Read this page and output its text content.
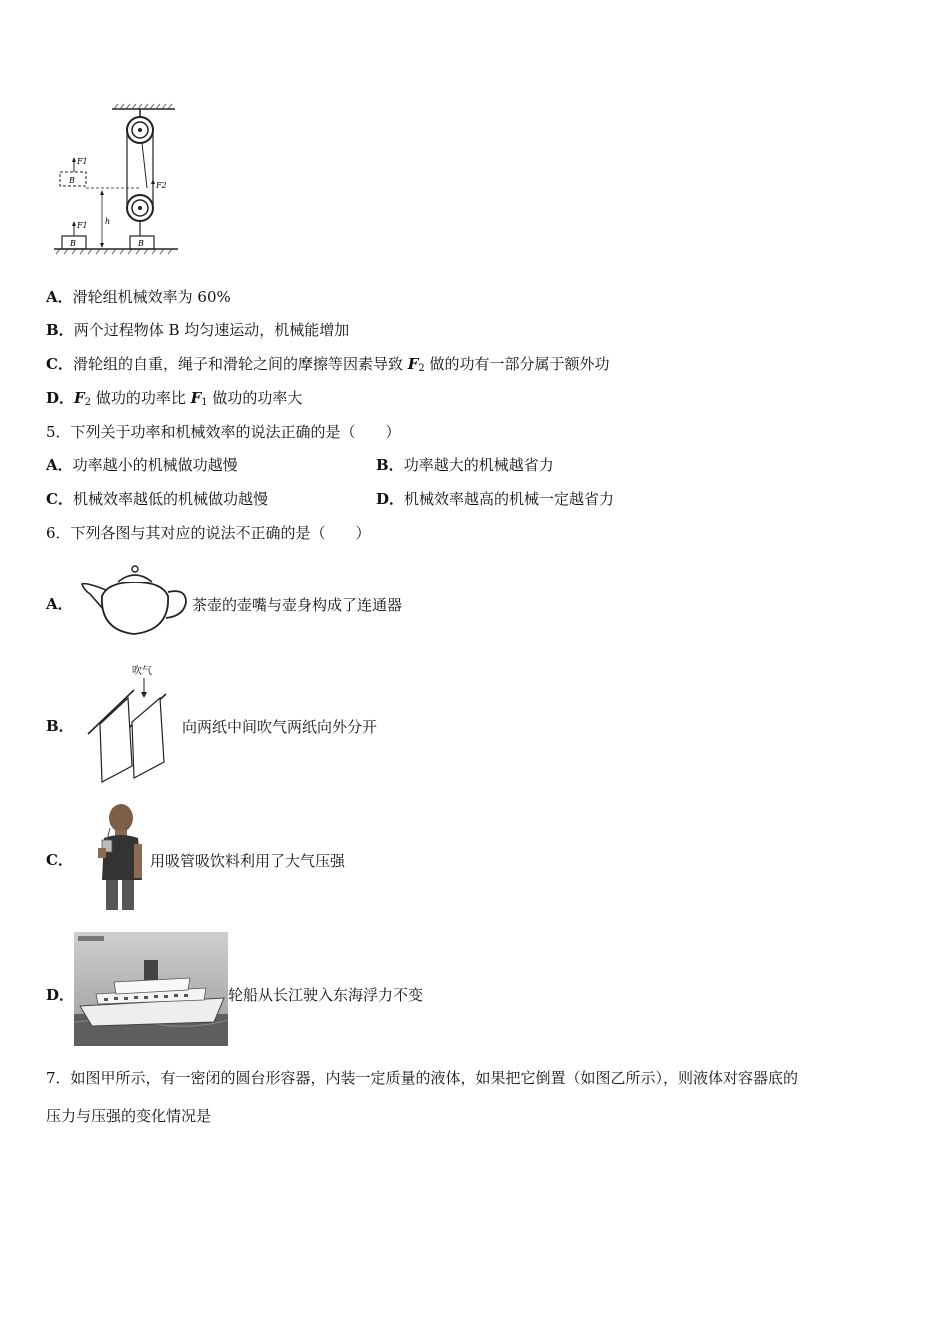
F2
B
B
B
F1
F1 h
A．滑轮组机械效率为 60%
B．两个过程物体 B 均匀速运动，机械能增加
C．滑轮组的自重，绳子和滑轮之间的摩擦等因素导致 $F_2$ 做的功有一部分属于额外功
D．$F_2$ 做功的功率比 $F_1$ 做功的功率大
5．下列关于功率和机械效率的说法正确的是（　　）
A．功率越小的机械做功越慢	B．功率越大的机械越省力
C．机械效率越低的机械做功越慢	D．机械效率越高的机械一定越省力
6．下列各图与其对应的说法不正确的是（　　）
A．	茶壶的壶嘴与壶身构成了连通器
B．
吹气
向两纸中间吹气两纸向外分开
C．	用吸管吸饮料利用了大气压强
D．	轮船从长江驶入东海浮力不变
7．如图甲所示，有一密闭的圆台形容器，内装一定质量的液体，如果把它倒置（如图乙所示），则液体对容器底的
压力与压强的变化情况是
